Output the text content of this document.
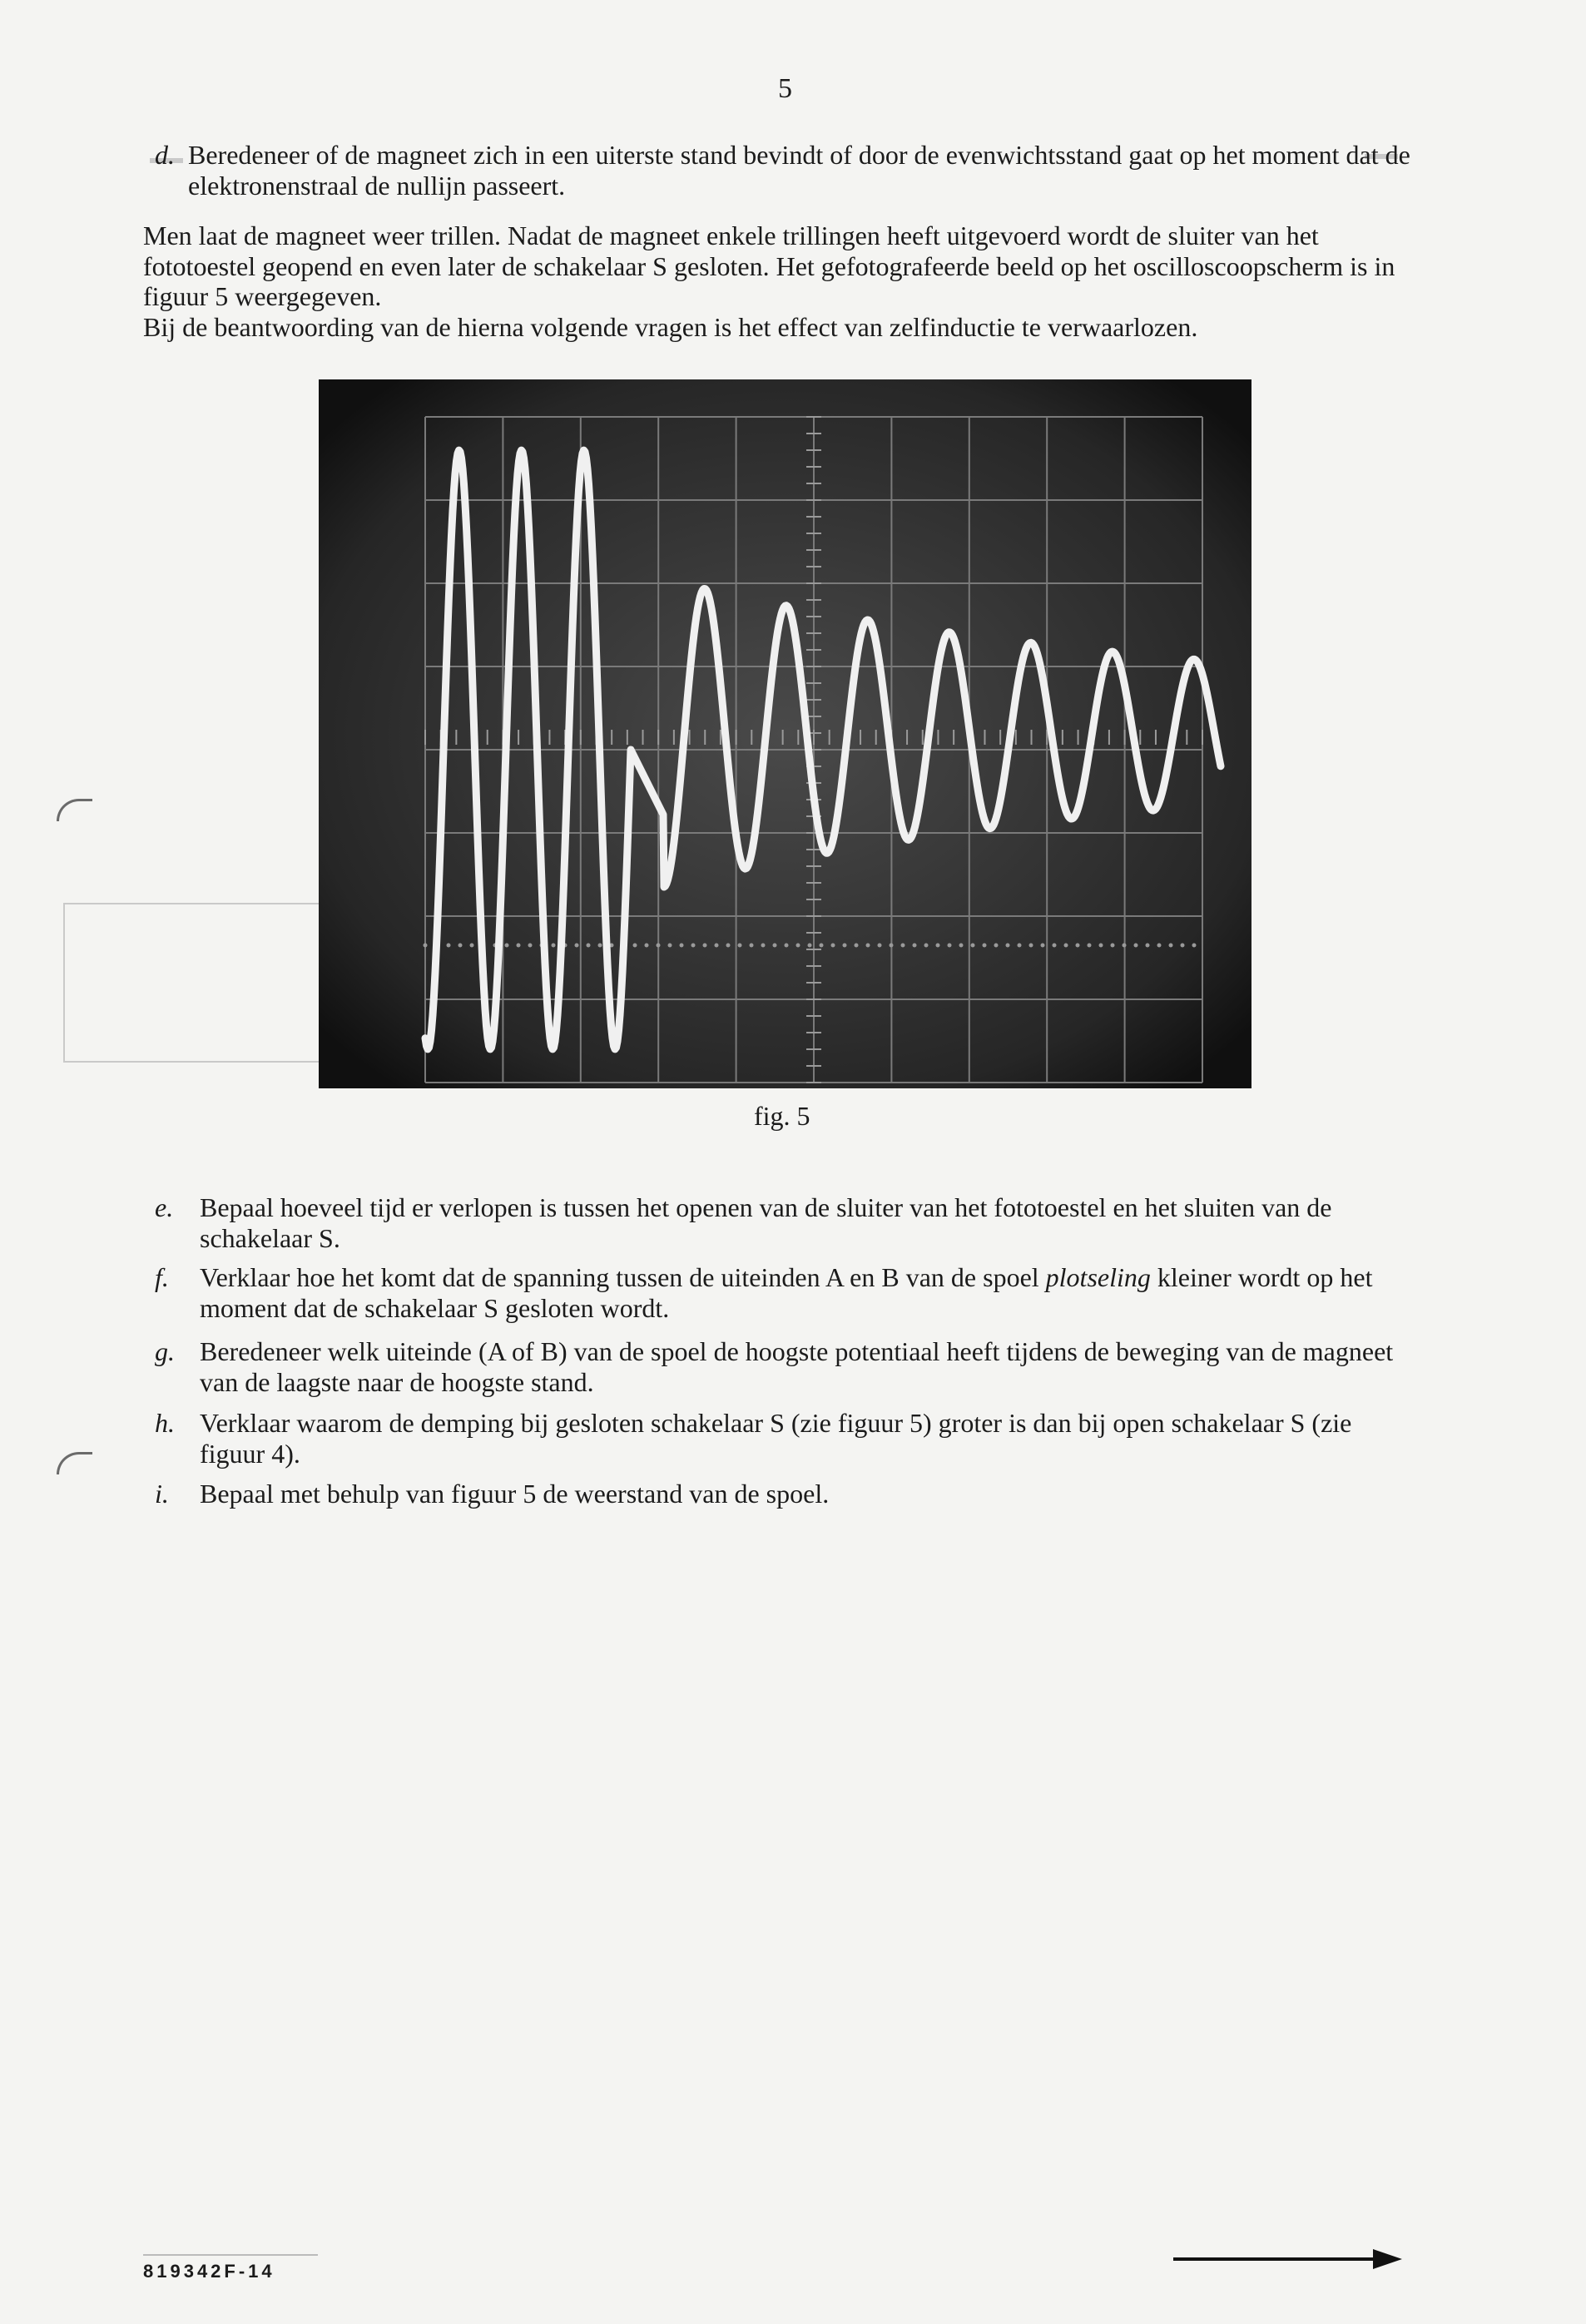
5
d. Beredeneer of de magneet zich in een uiterste stand bevindt of door de evenwichtsstand gaat op het moment dat de elektronenstraal de nullijn passeert.
Men laat de magneet weer trillen. Nadat de magneet enkele trillingen heeft uitgevoerd wordt de sluiter van het fototoestel geopend en even later de schakelaar S gesloten. Het gefotografeerde beeld op het oscilloscoopscherm is in figuur 5 weergegeven.
Bij de beantwoording van de hierna volgende vragen is het effect van zelfinductie te verwaarlozen.
fig. 5
e. Bepaal hoeveel tijd er verlopen is tussen het openen van de sluiter van het fototoestel en het sluiten van de schakelaar S.
f.	Verklaar hoe het komt dat de spanning tussen de uiteinden A en B van de spoel plotseling kleiner wordt op het moment dat de schakelaar S gesloten wordt.
g. Beredeneer welk uiteinde (A of B) van de spoel de hoogste potentiaal heeft tijdens de beweging van de magneet van de laagste naar de hoogste stand.
h. Verklaar waarom de demping bij gesloten schakelaar S (zie figuur 5) groter is dan bij open schakelaar S (zie figuur 4).
i.	Bepaal met behulp van figuur 5 de weerstand van de spoel.
819342F-14
